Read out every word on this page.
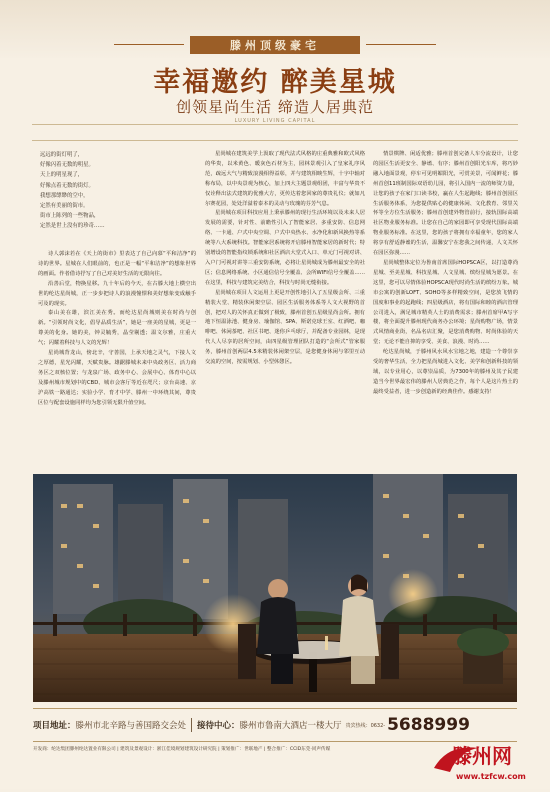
滕州顶级豪宅
幸福邀约 醉美星城
创领星尚生活 缔造人居典范
LUXURY LIVING CAPITAL
远远的街灯明了，
好像闪着无数的明星。
天上的明星现了，
好像点着无数的街灯。
我想那缥缈的空中，
定然有美丽的街市。
街市上陈列的一些物品，
定然是世上没有的珍奇……

诗人郭沫若在《天上的街市》里表达了自己向慕“平和洁净”的诗的世界。星城在人们眼前的，也正是一幅“平和洁净”的想象世界的画面。作者借诗抒写了自己对美好生活的无限向往。

沿善后堂，物换星移。九十年后的今天，在古滕大地上横空出世的纶达星尚城，正一步步把诗人的浪漫憧憬和美好想象变成触手可及的现实。

泰山美在雄，滨江美在秀。而纶达星尚城则美在时尚与创新。“引领时尚文化，倡导品质生活”，她是一座美的星城，更是一尊美的化身。她的美，钟灵毓秀，晶莹剔透；温文尔雅，庄重大气；闪耀着科技与人文的光辉！

星尚城背龙山，傍北辛，守善国，上承天地之灵气，下接人文之厚德，星光闪耀，天赋贵脉。雄踞滕城未来中央政务区、活力商务区之双核位置；与龙泉广场、政务中心、会展中心、体育中心以及滕州城市规划中的CBD、城市会客厅等近在咫尺；京台高速、京沪高铁一路通达；实验小学、育才中学、滕州一中环绕其间，尊贵区位与配套设施同样均为您引领无限升值空间。

星尚城在建筑美学上汲取了现代法式风格的庄重典雅和欧式风格的华贵，以米黄色、暖灰色石材为主，园林景观引入了皇家礼序风范，疏远大气与精致浪漫相得益彰，并与建筑相映生辉，十字中轴对称布局，以中央景观为核心，加上四大主题景观组团，丰富与华贵不仅诠释出法式建筑的优雅大方，更传达着您回家的尊贵礼仪；就如凡尔赛花园，处处洋溢着泰本的灵动与玫瑰的芬芳气息。

星尚城在项目科技应用上秉承滕州的现行生活环境以及未来人居发展的需要，针对性、前瞻性引入了智能家居、多重安防、信息网络、一卡通、户式中央空调、户式中央热水、水净化和新风换热等系统等八大系统科技。智能家居系统将开启滕州智能家居的新时代；特别增设的智能指纹锁系统和社区酒店大堂式入口、单元门可视对讲、入户门可视对讲等三重安防系统，必将让星尚城成为滕州最安全的社区；信息网络系统、小区通信信号全覆盖、会所WIFI信号全覆盖……在这里，科技与建筑完美结合，科技与时尚无缝衔接。

星尚城在项目人文运用上更是开创性地引入了五星级会所、三重精装大堂、精装休闲架空层、园区生活服务体系等人文大视野的首创，把对人的关怀真正做到了极致，滕州首创五星级星尚会所。拥有地下恒温泳池、健身房、瑜伽馆、SPA、斯诺克球王室、红酒吧、咖啡吧、休闲茶吧、社区书吧、迷你乒乓球厅，并配备专业园林，是现代人人尽享的居所空间，由四星级管理团队打造的“会所式”管家服务，滕州首创两层4.5米精装休闲架空层，是您健身休闲与邻里互动交流的空间，按需规划、小型休憩区。

情景棋牌、闲适优雅；滕州首创完备人车分流设计，让您的园区生活更安全、静谧、有序；滕州首创阳光车库，将巧妙融入地面景观，停车可见明媚阳光，可赏美景，可闻鲜花；滕州首创11班制国际双语幼儿园，将引入国内一流的师资力量，让您的孩子在家门口读书校，赢在人生起跑线；滕州首创园区生活服务体系，为您提供贴心的健康休闲、文化教育、邻里关怀等全方位生活服务；滕州首创建外物管前行，接轨国际高端社区物业服务标准。让您在自己的家园即可享受现代国际高端物业服务标准。在这里，您的孩子将拥有幸福童年，您的家人将享有舒适静谧的生活，温馨安宁在您我之间传递，人文关怀在园区弥漫……

星尚城整体定位为鲁南首席国际HOPSCA区，以打造尊尚星城、至美星城、科技星城、人文星城、缤纷星城为愿景。在这里，您可以尽情体验HOPSCA现代时尚生活的缤纷万象。城市公寓的创新LOFT、SOHO等多样精致空间，是您放飞情的国度和事业的起跑线；四星级酒店，将有国际和睦的酒店管理公司进入，满足城市精英人士的消费需求；滕州首席甲A写字楼，将全面提升滕州现代商务办公环境；星尚购物广场，情景式风情商业街，名品名店汇聚，是您消费购物、时尚体验的天堂；无论不能自抑的享受、美食、浪漫、时尚……

纶达星尚城，于滕州风水风水宝地之地，建造一个尊崇享受的奢华生活，全力把星尚城进入文化、美学和创新科技的领域，以专业用心，以尊崇品质，为7300年的滕州及其子民建造当今世界最宏伟的滕州人居典范之作，每个人是这片热土的最终受益者，进一步创造新的经典佳作。感谢支持！

项目地址： 滕州市北辛路与善国路交会处 接待中心： 滕州市鲁南大酒店一楼大厅 贵宾热线：0632- 5688999
开发商：纶达集团滕州纶达置业有限公司 | 建筑及景观设计：浙江佳境规划建筑设计研究院 | 策划推广：世联地产 | 整合推广：CCID东莞·同声传媒	滕州网
www.tzfcw.com
